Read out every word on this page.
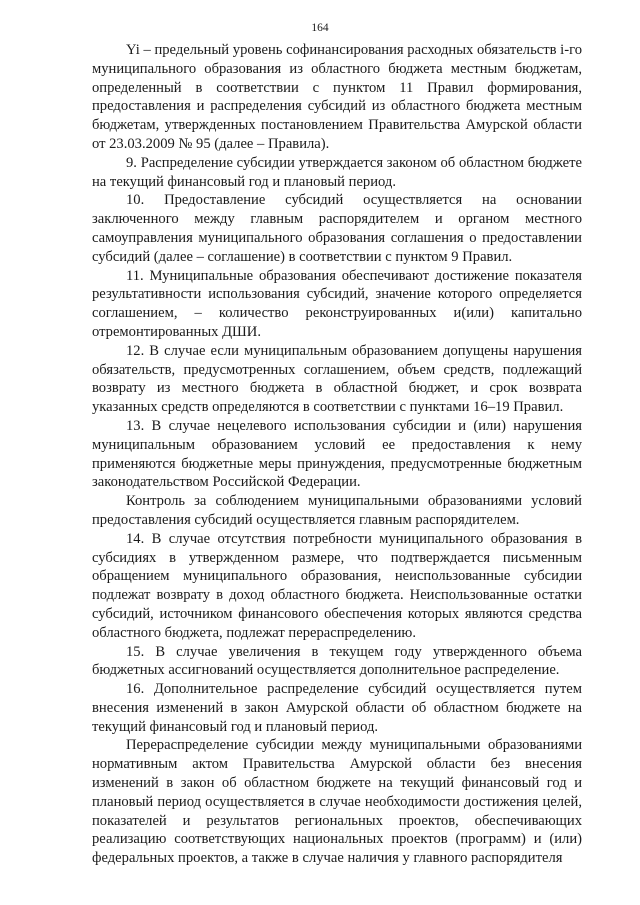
164

Yi – предельный уровень софинансирования расходных обязательств i-го муниципального образования из областного бюджета местным бюджетам, определенный в соответствии с пунктом 11 Правил формирования, предоставления и распределения субсидий из областного бюджета местным бюджетам, утвержденных постановлением Правительства Амурской области от 23.03.2009 № 95 (далее – Правила).

9. Распределение субсидии утверждается законом об областном бюджете на текущий финансовый год и плановый период.

10. Предоставление субсидий осуществляется на основании заключенного между главным распорядителем и органом местного самоуправления муниципального образования соглашения о предоставлении субсидий (далее – соглашение) в соответствии с пунктом 9 Правил.

11. Муниципальные образования обеспечивают достижение показателя результативности использования субсидий, значение которого определяется соглашением, – количество реконструированных и(или) капитально отремонтированных ДШИ.

12. В случае если муниципальным образованием допущены нарушения обязательств, предусмотренных соглашением, объем средств, подлежащий возврату из местного бюджета в областной бюджет, и срок возврата указанных средств определяются в соответствии с пунктами 16–19 Правил.

13. В случае нецелевого использования субсидии и (или) нарушения муниципальным образованием условий ее предоставления к нему применяются бюджетные меры принуждения, предусмотренные бюджетным законодательством Российской Федерации.

Контроль за соблюдением муниципальными образованиями условий предоставления субсидий осуществляется главным распорядителем.

14. В случае отсутствия потребности муниципального образования в субсидиях в утвержденном размере, что подтверждается письменным обращением муниципального образования, неиспользованные субсидии подлежат возврату в доход областного бюджета. Неиспользованные остатки субсидий, источником финансового обеспечения которых являются средства областного бюджета, подлежат перераспределению.

15. В случае увеличения в текущем году утвержденного объема бюджетных ассигнований осуществляется дополнительное распределение.

16. Дополнительное распределение субсидий осуществляется путем внесения изменений в закон Амурской области об областном бюджете на текущий финансовый год и плановый период.

Перераспределение субсидии между муниципальными образованиями нормативным актом Правительства Амурской области без внесения изменений в закон об областном бюджете на текущий финансовый год и плановый период осуществляется в случае необходимости достижения целей, показателей и результатов региональных проектов, обеспечивающих реализацию соответствующих национальных проектов (программ) и (или) федеральных проектов, а также в случае наличия у главного распорядителя
